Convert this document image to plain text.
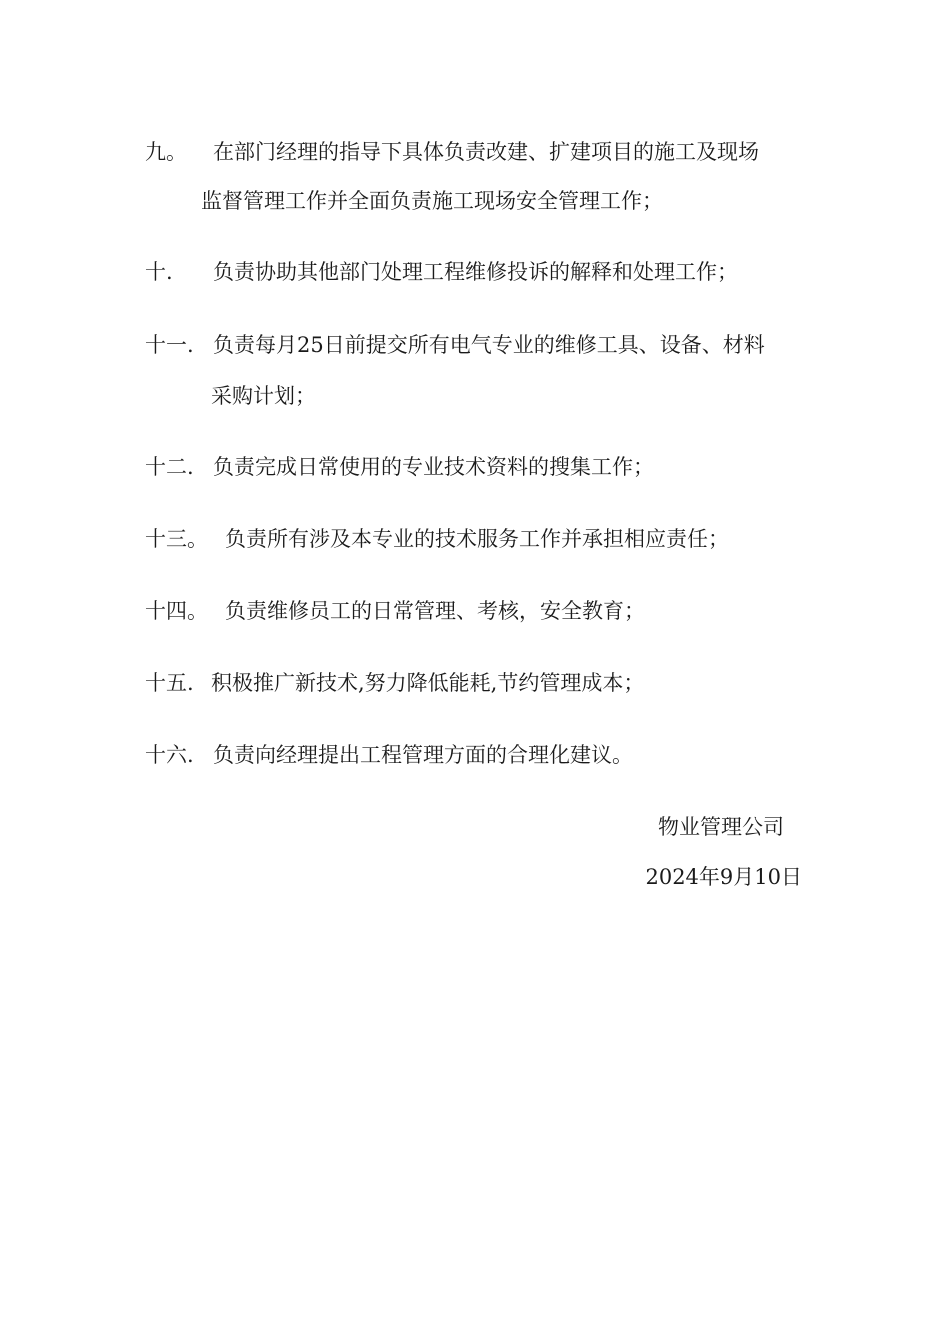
九。 在部门经理的指导下具体负责改建、扩建项目的施工及现场
监督管理工作并全面负责施工现场安全管理工作；
十. 负责协助其他部门处理工程维修投诉的解释和处理工作；
十一. 负责每月25日前提交所有电气专业的维修工具、设备、材料
采购计划；
十二. 负责完成日常使用的专业技术资料的搜集工作；
十三。 负责所有涉及本专业的技术服务工作并承担相应责任；
十四。 负责维修员工的日常管理、考核，安全教育；
十五. 积极推广新技术,努力降低能耗,节约管理成本；
十六. 负责向经理提出工程管理方面的合理化建议。
物业管理公司
2024年9月10日
